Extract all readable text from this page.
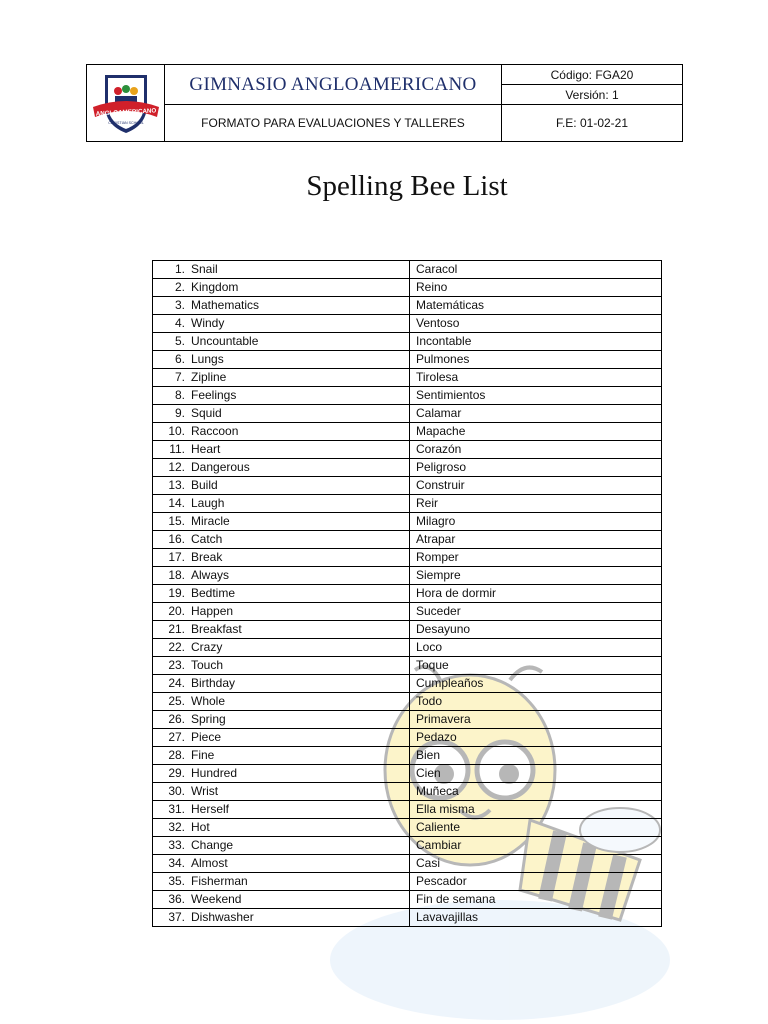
ANGLOAMERICANO
CHRISTIAN SCHOOL
GIMNASIO ANGLOAMERICANO
FORMATO PARA EVALUACIONES Y TALLERES
Código: FGA20
Versión: 1
F.E: 01-02-21
Spelling Bee List
1. Snail	Caracol
2. Kingdom	Reino
3. Mathematics	Matemáticas
4. Windy	Ventoso
5. Uncountable	Incontable
6. Lungs	Pulmones
7. Zipline	Tirolesa
8. Feelings	Sentimientos
9. Squid	Calamar
10. Raccoon	Mapache
11. Heart	Corazón
12. Dangerous	Peligroso
13. Build	Construir
14. Laugh	Reir
15. Miracle	Milagro
16. Catch	Atrapar
17. Break	Romper
18. Always	Siempre
19. Bedtime	Hora de dormir
20. Happen	Suceder
21. Breakfast	Desayuno
22. Crazy	Loco
23. Touch	Toque
24. Birthday	Cumpleaños
25. Whole	Todo
26. Spring	Primavera
27. Piece	Pedazo
28. Fine	Bien
29. Hundred	Cien
30. Wrist	Muñeca
31. Herself	Ella misma
32. Hot	Caliente
33. Change	Cambiar
34. Almost	Casi
35. Fisherman	Pescador
36. Weekend	Fin de semana
37. Dishwasher	Lavavajillas
